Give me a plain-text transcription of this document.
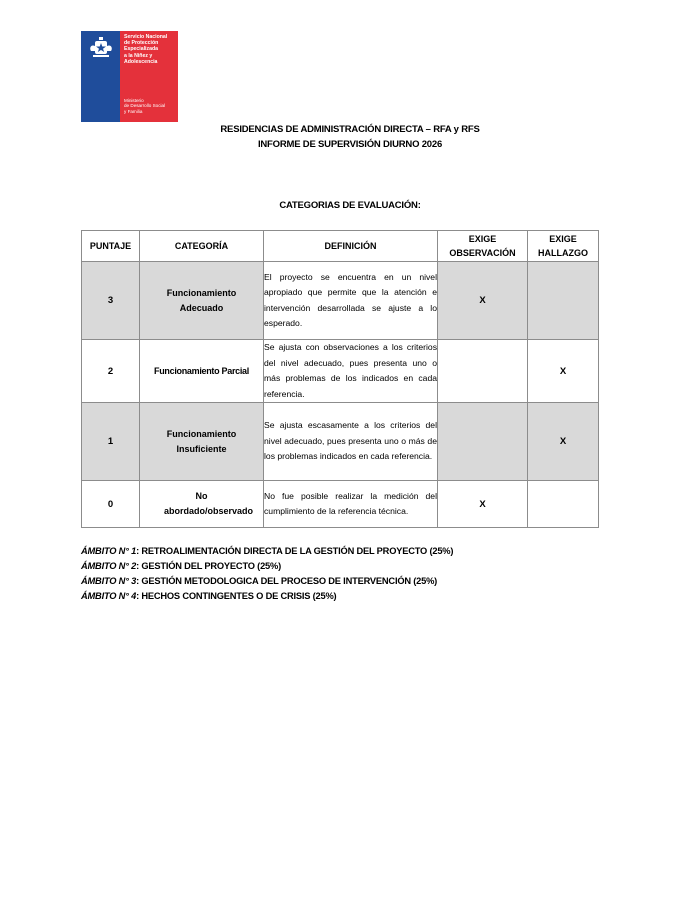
Servicio Nacional
de Protección
Especializada
a la Niñez y
Adolescencia
Ministerio
de Desarrollo Social
y Familia
RESIDENCIAS DE ADMINISTRACIÓN DIRECTA – RFA y RFS
INFORME DE SUPERVISIÓN DIURNO 2026
CATEGORIAS DE EVALUACIÓN:
PUNTAJE	CATEGORÍA	DEFINICIÓN	EXIGE OBSERVACIÓN	EXIGE HALLAZGO
3	Funcionamiento Adecuado	El proyecto se encuentra en un nivel apropiado que permite que la atención e intervención desarrollada se ajuste a lo esperado.	X	
2	Funcionamiento Parcial	Se ajusta con observaciones a los criterios del nivel adecuado, pues presenta uno o más problemas de los indicados en cada referencia.		X
1	Funcionamiento Insuficiente	Se ajusta escasamente a los criterios del nivel adecuado, pues presenta uno o más de los problemas indicados en cada referencia.		X
0	No abordado/observado	No fue posible realizar la medición del cumplimiento de la referencia técnica.	X	
ÁMBITO N° 1: RETROALIMENTACIÓN DIRECTA DE LA GESTIÓN DEL PROYECTO (25%)
ÁMBITO N° 2: GESTIÓN DEL PROYECTO (25%)
ÁMBITO N° 3: GESTIÓN METODOLOGICA DEL PROCESO DE INTERVENCIÓN (25%)
ÁMBITO N° 4: HECHOS CONTINGENTES O DE CRISIS (25%)
